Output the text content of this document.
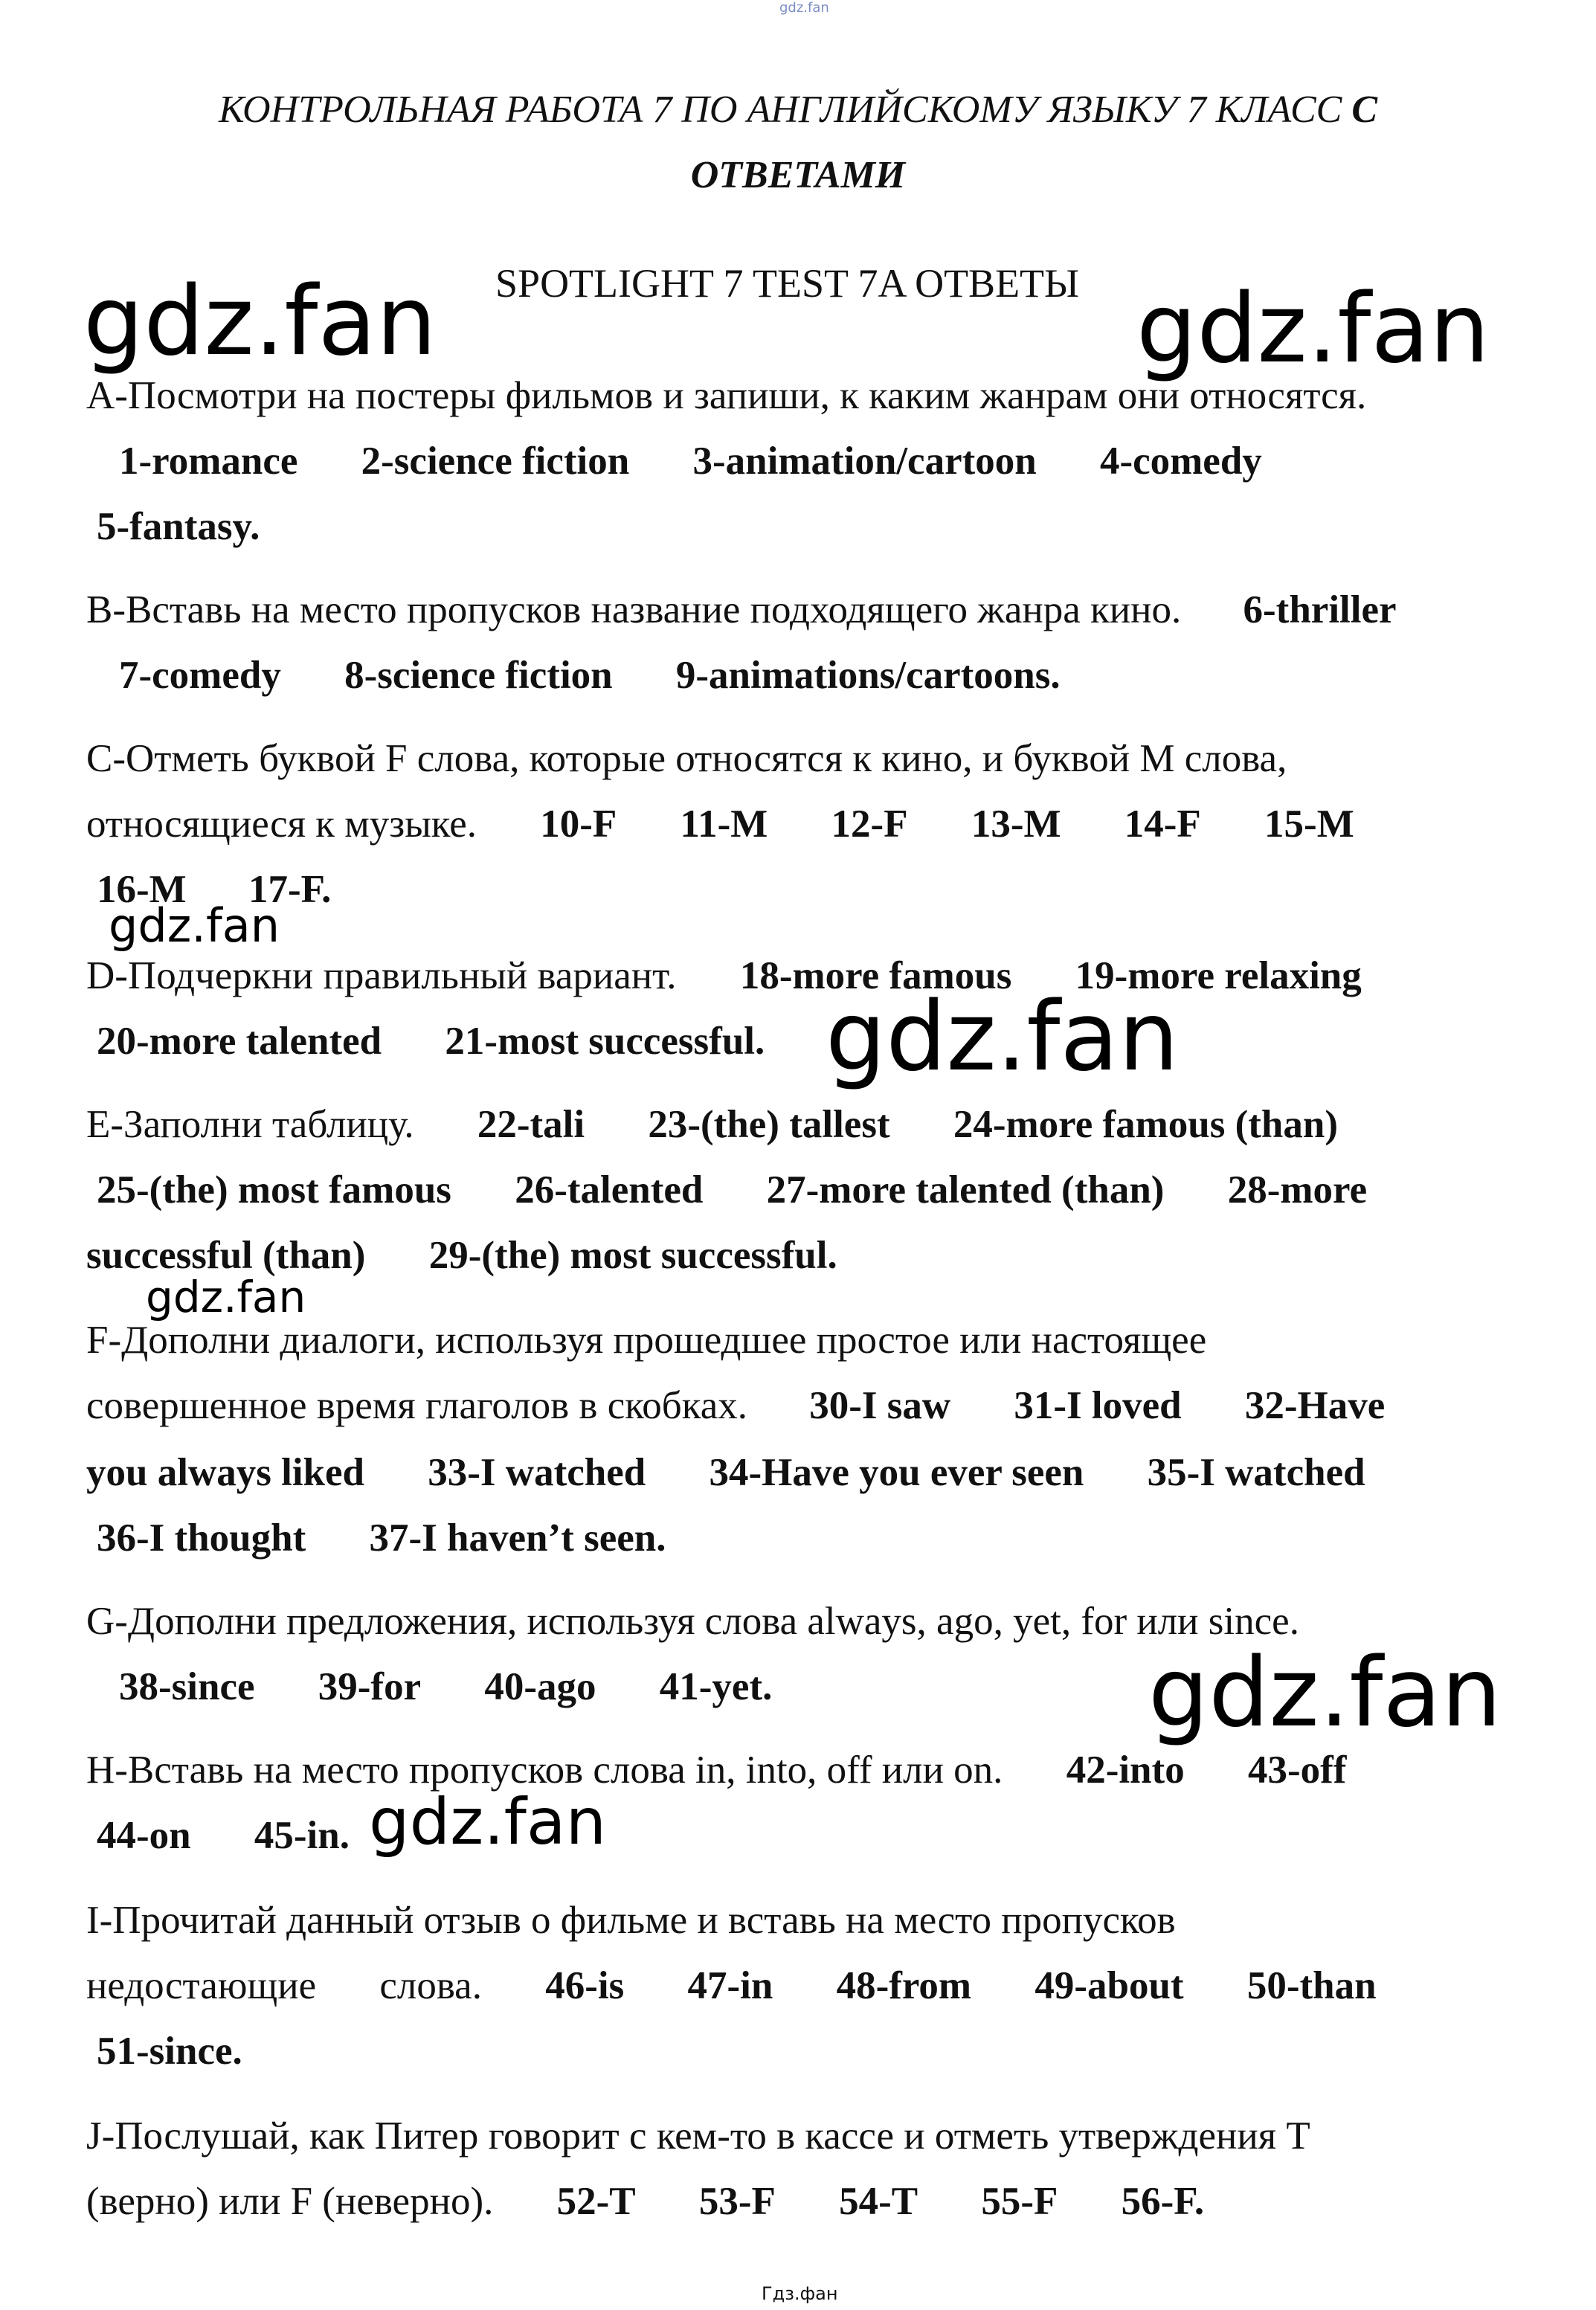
gdz.fan
КОНТРОЛЬНАЯ РАБОТА 7 ПО АНГЛИЙСКОМУ ЯЗЫКУ 7 КЛАСС С
ОТВЕТАМИ
SPOTLIGHT 7 TEST 7A ОТВЕТЫ
gdz.fan	gdz.fan
gdz.fan
gdz.fan
gdz.fan
gdz.fan
gdz.fan
А-Посмотри на постеры фильмов и запиши, к каким жанрам они относятся.
1-romance 2-science fiction 3-animation/cartoon 4-comedy
5-fantasy.
B-Вставь на место пропусков название подходящего жанра кино. 6-thriller
7-comedy 8-science fiction 9-animations/cartoons.
С-Отметь буквой F слова, которые относятся к кино, и буквой M слова,
относящиеся к музыке. 10-F 11-M 12-F 13-M 14-F 15-M
16-M 17-F.
D-Подчеркни правильный вариант. 18-more famous 19-more relaxing
20-more talented 21-most successful.
E-Заполни таблицу. 22-tali 23-(the) tallest 24-more famous (than)
25-(the) most famous 26-talented 27-more talented (than) 28-more
successful (than) 29-(the) most successful.
F-Дополни диалоги, используя прошедшее простое или настоящее
совершенное время глаголов в скобках. 30-I saw 31-I loved 32-Have
you always liked 33-I watched 34-Have you ever seen 35-I watched
36-I thought 37-I haven’t seen.
G-Дополни предложения, используя слова always, ago, yet, for или since.
38-since 39-for 40-ago 41-yet.
H-Вставь на место пропусков слова in, into, off или on. 42-into 43-off
44-on 45-in.
I-Прочитай данный отзыв о фильме и вставь на место пропусков
недостающие слова. 46-is 47-in 48-from 49-about 50-than
51-since.
J-Послушай, как Питер говорит с кем-то в кассе и отметь утверждения T
(верно) или F (неверно). 52-T 53-F 54-T 55-F 56-F.
Гдз.фан
